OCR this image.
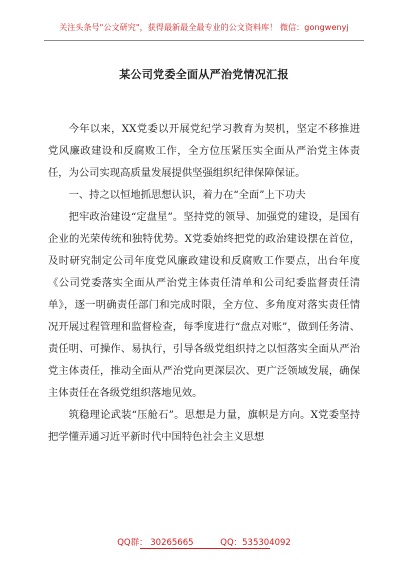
关注头条号"公文研究"，获得最新最全最专业的公文资料库！ 微信：gongwenyj
某公司党委全面从严治党情况汇报

今年以来，XX党委以开展党纪学习教育为契机，坚定不移推进党风廉政建设和反腐败工作，全方位压紧压实全面从严治党主体责任，为公司实现高质量发展提供坚强组织纪律保障保证。

一、持之以恒地抓思想认识，着力在“全面”上下功夫

把牢政治建设“定盘星”。坚持党的领导、加强党的建设，是国有企业的光荣传统和独特优势。X党委始终把党的政治建设摆在首位，及时研究制定公司年度党风廉政建设和反腐败工作要点，出台年度《公司党委落实全面从严治党主体责任清单和公司纪委监督责任清单》，逐一明确责任部门和完成时限，全方位、多角度对落实责任情况开展过程管理和监督检查，每季度进行“盘点对账”，做到任务清、责任明、可操作、易执行，引导各级党组织持之以恒落实全面从严治党主体责任，推动全面从严治党向更深层次、更广泛领域发展，确保主体责任在各级党组织落地见效。

筑稳理论武装“压舱石”。思想是力量，旗帜是方向。X党委坚持把学懂弄通习近平新时代中国特色社会主义思想

QQ群： 30265665	QQ：535304092
